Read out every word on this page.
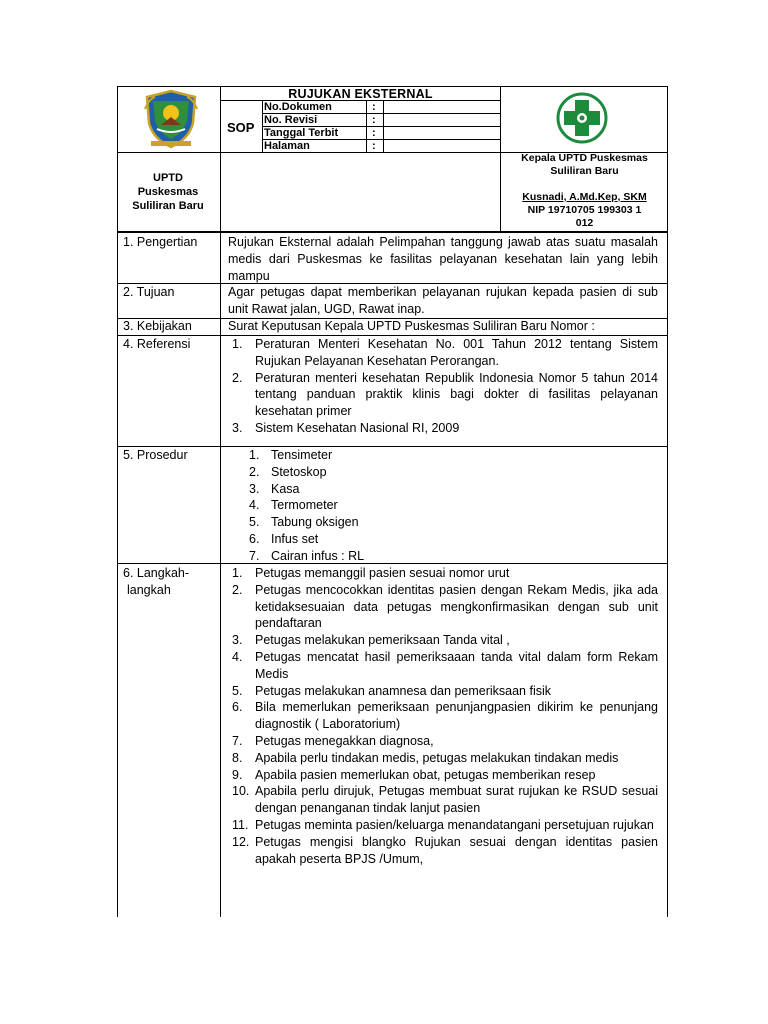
RUJUKAN EKSTERNAL
SOP
No.Dokumen	:
No. Revisi	:
Tanggal Terbit	:
Halaman	:
UPTD
Puskesmas
Suliliran Baru
Kepala UPTD Puskesmas
Suliliran Baru
Kusnadi, A.Md.Kep, SKM
NIP 19710705 199303 1
012
1. Pengertian Rujukan Eksternal adalah Pelimpahan tanggung jawab atas suatu masalah medis dari Puskesmas ke fasilitas pelayanan kesehatan lain yang lebih mampu
2. Tujuan	Agar petugas dapat memberikan pelayanan rujukan kepada pasien di sub unit Rawat jalan, UGD, Rawat inap.
3. Kebijakan	Surat Keputusan Kepala UPTD Puskesmas Suliliran Baru Nomor :
4. Referensi	1. Peraturan Menteri Kesehatan No. 001 Tahun 2012 tentang Sistem Rujukan Pelayanan Kesehatan Perorangan.
2. Peraturan menteri kesehatan Republik Indonesia Nomor 5 tahun 2014 tentang panduan praktik klinis bagi dokter di fasilitas pelayanan kesehatan primer
3. Sistem Kesehatan Nasional RI, 2009
5. Prosedur	1. Tensimeter
2. Stetoskop
3. Kasa
4. Termometer
5. Tabung oksigen
6. Infus set
7. Cairan infus : RL
6. Langkah-
langkah
1. Petugas memanggil pasien sesuai nomor urut
2. Petugas mencocokkan identitas pasien dengan Rekam Medis, jika ada ketidaksesuaian data petugas mengkonfirmasikan dengan sub unit pendaftaran
3. Petugas melakukan pemeriksaan Tanda vital ,
4. Petugas mencatat hasil pemeriksaaan tanda vital dalam form Rekam Medis
5. Petugas melakukan anamnesa dan pemeriksaan fisik
6. Bila memerlukan pemeriksaan penunjangpasien dikirim ke penunjang diagnostik ( Laboratorium)
7. Petugas menegakkan diagnosa,
8. Apabila perlu tindakan medis, petugas melakukan tindakan medis
9. Apabila pasien memerlukan obat, petugas memberikan resep
10. Apabila perlu dirujuk, Petugas membuat surat rujukan ke RSUD sesuai dengan penanganan tindak lanjut pasien
11. Petugas meminta pasien/keluarga menandatangani persetujuan rujukan
12. Petugas mengisi blangko Rujukan sesuai dengan identitas pasien apakah peserta BPJS /Umum,
